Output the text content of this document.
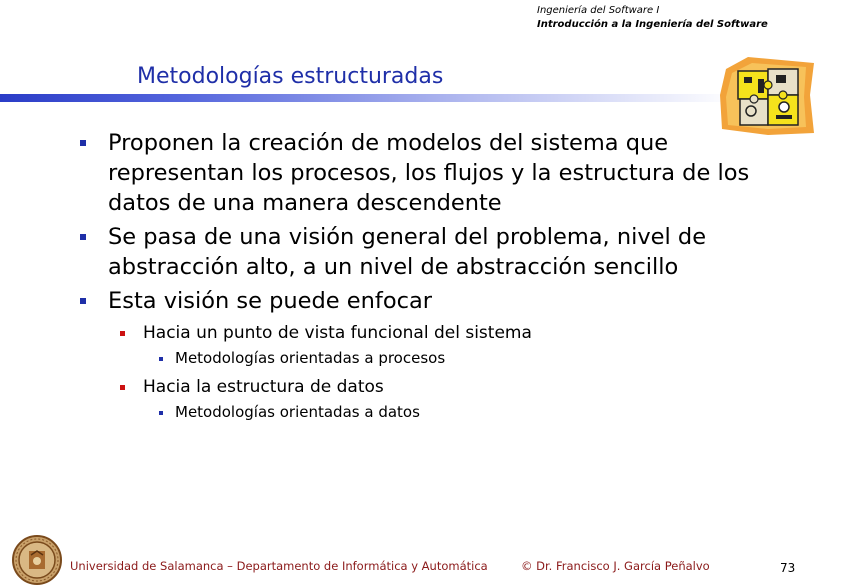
Ingeniería del Software I
Introducción a la Ingeniería del Software
Metodologías estructuradas
Proponen la creación de modelos del sistema que representan los procesos, los flujos y la estructura de los datos de una manera descendente
Se pasa de una visión general del problema, nivel de abstracción alto, a un nivel de abstracción sencillo
Esta visión se puede enfocar
Hacia un punto de vista funcional del sistema
Metodologías orientadas a procesos
Hacia la estructura de datos
Metodologías orientadas a datos
Universidad de Salamanca – Departamento de Informática y Automática	© Dr. Francisco J. García Peñalvo	73
